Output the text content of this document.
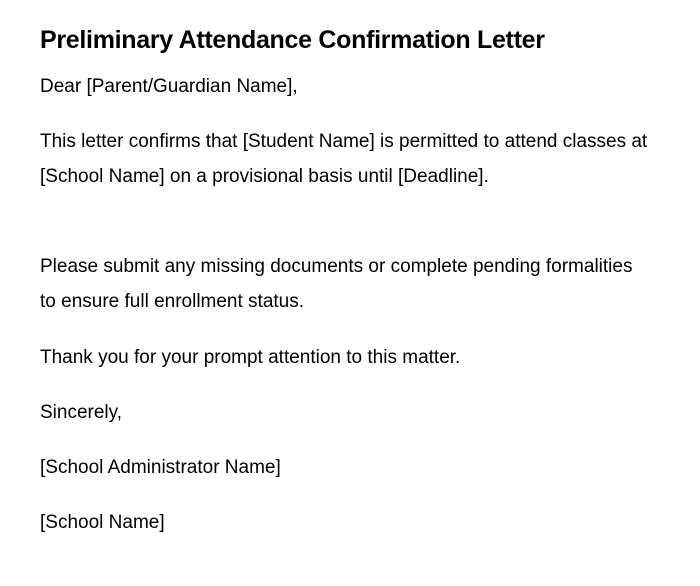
Preliminary Attendance Confirmation Letter

Dear [Parent/Guardian Name],

This letter confirms that [Student Name] is permitted to attend classes at [School Name] on a provisional basis until [Deadline].

Please submit any missing documents or complete pending formalities to ensure full enrollment status.

Thank you for your prompt attention to this matter.

Sincerely,

[School Administrator Name]

[School Name]
